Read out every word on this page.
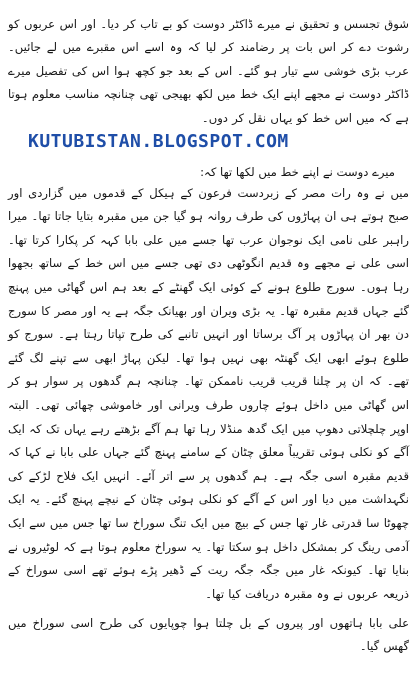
شوق تجسس و تحقیق نے میرے ڈاکٹر دوست کو بے تاب کر دیا۔ اور اس عربوں کو رشوت دے کر اس بات پر رضامند کر لیا کہ وہ اسے اس مقبرے میں لے جائیں۔ عرب بڑی خوشی سے تیار ہو گئے۔ اس کے بعد جو کچھ ہوا اس کی تفصیل میرے ڈاکٹر دوست نے مجھے اپنے ایک خط میں لکھ بھیجی تھی چنانچہ مناسب معلوم ہوتا ہے کہ میں اس خط کو یہاں نقل کر دوں۔

KUTUBISTAN.BLOGSPOT.COM

میرے دوست نے اپنے خط میں لکھا تھا کہ:

میں نے وہ رات مصر کے زبردست فرعون کے ہیکل کے قدموں میں گزاردی اور صبح ہوتے ہی ان پہاڑوں کی طرف روانہ ہو گیا جن میں مقبرہ بتایا جاتا تھا۔ میرا راہبر علی نامی ایک نوجوان عرب تھا جسے میں علی بابا کہہ کر پکارا کرتا تھا۔ اسی علی نے مجھے وہ قدیم انگوٹھی دی تھی جسے میں اس خط کے ساتھ بجھوا رہا ہوں۔ سورج طلوع ہونے کے کوئی ایک گھنٹے کے بعد ہم اس گھاٹی میں پہنچ گئے جہاں قدیم مقبرہ تھا۔ یہ بڑی ویران اور بھیانک جگہ ہے یہ اور مصر کا سورج دن بھر ان پہاڑوں پر آگ برساتا اور انہیں تانبے کی طرح تپاتا رہتا ہے۔ سورج کو طلوع ہوئے ابھی ایک گھنٹہ بھی نہیں ہوا تھا۔ لیکن پہاڑ ابھی سے تپنے لگ گئے تھے۔ کہ ان پر چلنا قریب قریب ناممکن تھا۔ چنانچہ ہم گدھوں پر سوار ہو کر اس گھاٹی میں داخل ہوئے چاروں طرف ویرانی اور خاموشی چھائی تھی۔ البتہ اوپر چلچلاتی دھوپ میں ایک گدھ منڈلا رہا تھا ہم آگے بڑھتے رہے یہاں تک کہ ایک آگے کو نکلی ہوئی تقریباً معلق چٹان کے سامنے پہنچ گئے جہاں علی بابا نے کہا کہ قدیم مقبرہ اسی جگہ ہے۔ ہم گدھوں پر سے اتر آئے۔ انہیں ایک فلاح لڑکے کی نگہداشت میں دیا اور اس کے آگے کو نکلی ہوئی چٹان کے نیچے پہنچ گئے۔ یہ ایک چھوٹا سا قدرتی غار تھا جس کے بیچ میں ایک تنگ سوراخ سا تھا جس میں سے ایک آدمی رینگ کر بمشکل داخل ہو سکتا تھا۔ یہ سوراخ معلوم ہوتا ہے کہ لوٹیروں نے بنایا تھا۔ کیونکہ غار میں جگہ جگہ ریت کے ڈھیر پڑے ہوئے تھے اسی سوراخ کے ذریعہ عربوں نے وہ مقبرہ دریافت کیا تھا۔

علی بابا ہاتھوں اور پیروں کے بل چلتا ہوا چوپایوں کی طرح اسی سوراخ میں گھس گیا۔
